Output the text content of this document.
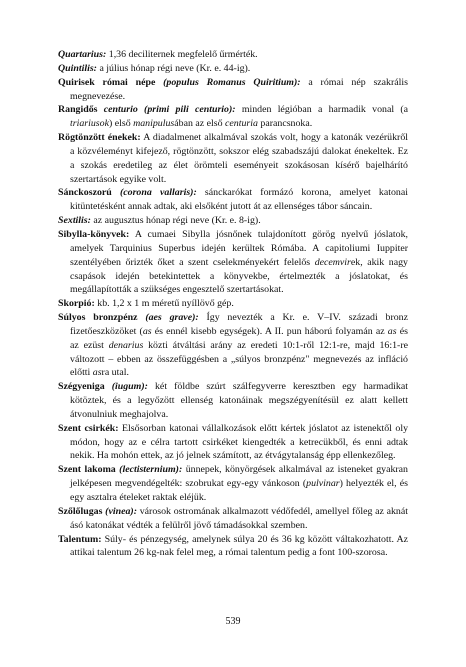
Quartarius: 1,36 deciliternek megfelelő űrmérték.

Quintilis: a július hónap régi neve (Kr. e. 44-ig).

Quirisek római népe (populus Romanus Quiritium): a római nép szakrális megnevezése.

Rangidős centurio (primi pili centurio): minden légióban a harmadik vonal (a triariusok) első manipulusában az első centuria parancsnoka.

Rögtönzött énekek: A diadalmenet alkalmával szokás volt, hogy a katonák vezérükről a közvéleményt kifejező, rögtönzött, sokszor elég szabadszájú dalokat énekeltek. Ez a szokás eredetileg az élet örömteli eseményeit szokásosan kísérő bajelhárító szertartások egyike volt.

Sánckoszorú (corona vallaris): sánckarókat formázó korona, amelyet katonai kitüntetésként annak adtak, aki elsőként jutott át az ellenséges tábor sáncain.

Sextilis: az augusztus hónap régi neve (Kr. e. 8-ig).

Sibylla-könyvek: A cumaei Sibylla jósnőnek tulajdonított görög nyelvű jóslatok, amelyek Tarquinius Superbus idején kerültek Rómába. A capitoliumi Iuppiter szentélyében őrizték őket a szent cselekményekért felelős decemvirek, akik nagy csapások idején betekintettek a könyvekbe, értelmezték a jóslatokat, és megállapították a szükséges engesztelő szertartásokat.

Skorpió: kb. 1,2 x 1 m méretű nyíllövő gép.

Súlyos bronzpénz (aes grave): Így nevezték a Kr. e. V–IV. századi bronz fizetőeszközöket (as és ennél kisebb egységek). A II. pun háború folyamán az as és az ezüst denarius közti átváltási arány az eredeti 10:1-ről 12:1-re, majd 16:1-re változott – ebben az összefüggésben a „súlyos bronzpénz" megnevezés az infláció előtti asra utal.

Szégyeniga (iugum): két földbe szúrt szálfegyverre keresztben egy harmadikat kötöztek, és a legyőzött ellenség katonáinak megszégyenítésül ez alatt kellett átvonulniuk meghajolva.

Szent csirkék: Elsősorban katonai vállalkozások előtt kértek jóslatot az istenektől oly módon, hogy az e célra tartott csirkéket kiengedték a ketrecükből, és enni adtak nekik. Ha mohón ettek, az jó jelnek számított, az étvágytalanság épp ellenkezőleg.

Szent lakoma (lectisternium): ünnepek, könyörgések alkalmával az isteneket gyakran jelképesen megvendégelték: szobrukat egy-egy vánkoson (pulvinar) helyezték el, és egy asztalra ételeket raktak eléjük.

Szőlőlugas (vinea): városok ostromának alkalmazott védőfedél, amellyel főleg az aknát ásó katonákat védték a felülről jövő támadásokkal szemben.

Talentum: Súly- és pénzegység, amelynek súlya 20 és 36 kg között váltakozhatott. Az attikai talentum 26 kg-nak felel meg, a római talentum pedig a font 100-szorosa.

539
